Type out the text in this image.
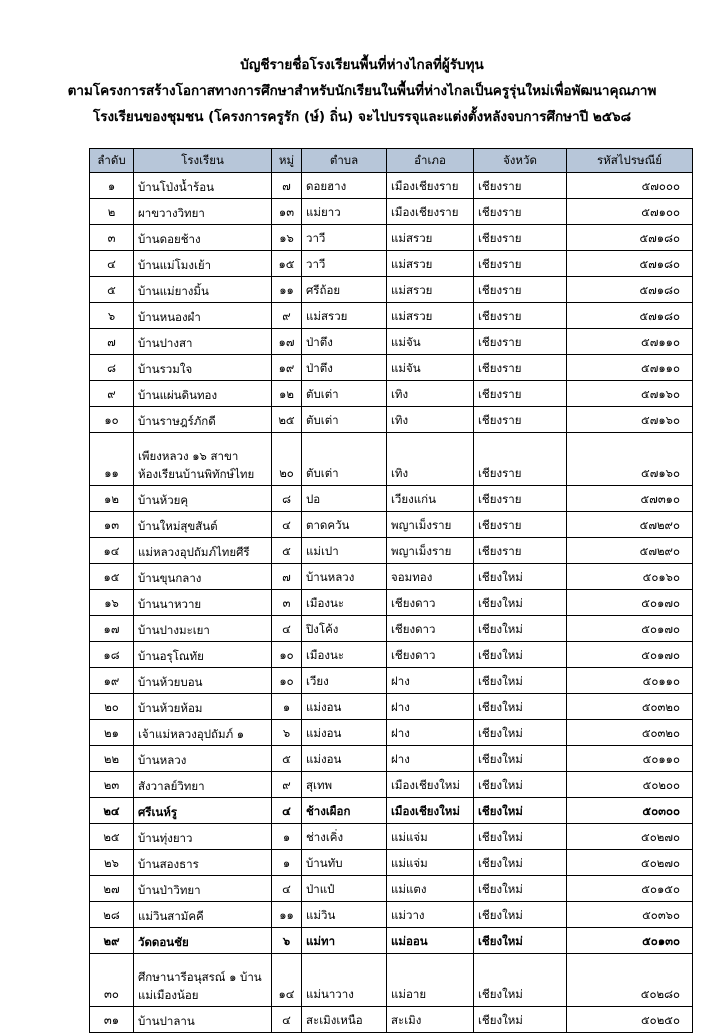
บัญชีรายชื่อโรงเรียนพื้นที่ห่างไกลที่ผู้รับทุน
ตามโครงการสร้างโอกาสทางการศึกษาสำหรับนักเรียนในพื้นที่ห่างไกลเป็นครูรุ่นใหม่เพื่อพัฒนาคุณภาพ
โรงเรียนของชุมชน (โครงการครูรัก (ษ์) ถิ่น) จะไปบรรจุและแต่งตั้งหลังจบการศึกษาปี ๒๕๖๘
ลำดับ	โรงเรียน	หมู่	ตำบล	อำเภอ	จังหวัด	รหัสไปรษณีย์
๑	บ้านโป่งน้ำร้อน	๗	ดอยฮาง	เมืองเชียงราย	เชียงราย	๕๗๐๐๐
๒	ผาขวางวิทยา	๑๓	แม่ยาว	เมืองเชียงราย	เชียงราย	๕๗๑๐๐
๓	บ้านดอยช้าง	๑๖	วาวี	แม่สรวย	เชียงราย	๕๗๑๘๐
๔	บ้านแม่โมงเย้า	๑๕	วาวี	แม่สรวย	เชียงราย	๕๗๑๘๐
๕	บ้านแม่ยางมิ้น	๑๑	ศรีถ้อย	แม่สรวย	เชียงราย	๕๗๑๘๐
๖	บ้านหนองผำ	๙	แม่สรวย	แม่สรวย	เชียงราย	๕๗๑๘๐
๗	บ้านปางสา	๑๗	ป่าตึง	แม่จัน	เชียงราย	๕๗๑๑๐
๘	บ้านรวมใจ	๑๙	ป่าตึง	แม่จัน	เชียงราย	๕๗๑๑๐
๙	บ้านแผ่นดินทอง	๑๒	ตับเต่า	เทิง	เชียงราย	๕๗๑๖๐
๑๐	บ้านราษฎร์ภักดี	๒๕	ตับเต่า	เทิง	เชียงราย	๕๗๑๖๐
๑๑	เพียงหลวง ๑๖ สาขาห้องเรียนบ้านพิทักษ์ไทย	๒๐	ตับเต่า	เทิง	เชียงราย	๕๗๑๖๐
๑๒	บ้านห้วยคุ	๘	ปอ	เวียงแก่น	เชียงราย	๕๗๓๑๐
๑๓	บ้านใหม่สุขสันต์	๔	ตาดควัน	พญาเม็งราย	เชียงราย	๕๗๒๙๐
๑๔	แม่หลวงอุปถัมภ์ไทยศีรี	๕	แม่เปา	พญาเม็งราย	เชียงราย	๕๗๒๙๐
๑๕	บ้านขุนกลาง	๗	บ้านหลวง	จอมทอง	เชียงใหม่	๕๐๑๖๐
๑๖	บ้านนาหวาย	๓	เมืองนะ	เชียงดาว	เชียงใหม่	๕๐๑๗๐
๑๗	บ้านปางมะเยา	๔	ปิงโค้ง	เชียงดาว	เชียงใหม่	๕๐๑๗๐
๑๘	บ้านอรุโณทัย	๑๐	เมืองนะ	เชียงดาว	เชียงใหม่	๕๐๑๗๐
๑๙	บ้านห้วยบอน	๑๐	เวียง	ฝาง	เชียงใหม่	๕๐๑๑๐
๒๐	บ้านห้วยห้อม	๑	แม่งอน	ฝาง	เชียงใหม่	๕๐๓๒๐
๒๑	เจ้าแม่หลวงอุปถัมภ์ ๑	๖	แม่งอน	ฝาง	เชียงใหม่	๕๐๓๒๐
๒๒	บ้านหลวง	๕	แม่งอน	ฝาง	เชียงใหม่	๕๐๑๑๐
๒๓	สังวาลย์วิทยา	๙	สุเทพ	เมืองเชียงใหม่	เชียงใหม่	๕๐๒๐๐
๒๔	ศรีเนห์รู	๔	ช้างเผือก	เมืองเชียงใหม่	เชียงใหม่	๕๐๓๐๐
๒๕	บ้านทุ่งยาว	๑	ช่างเคิ่ง	แม่แจ่ม	เชียงใหม่	๕๐๒๗๐
๒๖	บ้านสองธาร	๑	บ้านทับ	แม่แจ่ม	เชียงใหม่	๕๐๒๗๐
๒๗	บ้านป่าวิทยา	๔	ป่าแป๋	แม่แตง	เชียงใหม่	๕๐๑๕๐
๒๘	แม่วินสามัคคี	๑๑	แม่วิน	แม่วาง	เชียงใหม่	๕๐๓๖๐
๒๙	วัดดอนชัย	๖	แม่ทา	แม่ออน	เชียงใหม่	๕๐๑๓๐
๓๐	ศึกษานารีอนุสรณ์ ๑ บ้านแม่เมืองน้อย	๑๔	แม่นาวาง	แม่อาย	เชียงใหม่	๕๐๒๘๐
๓๑	บ้านปาลาน	๔	สะเมิงเหนือ	สะเมิง	เชียงใหม่	๕๐๒๕๐
